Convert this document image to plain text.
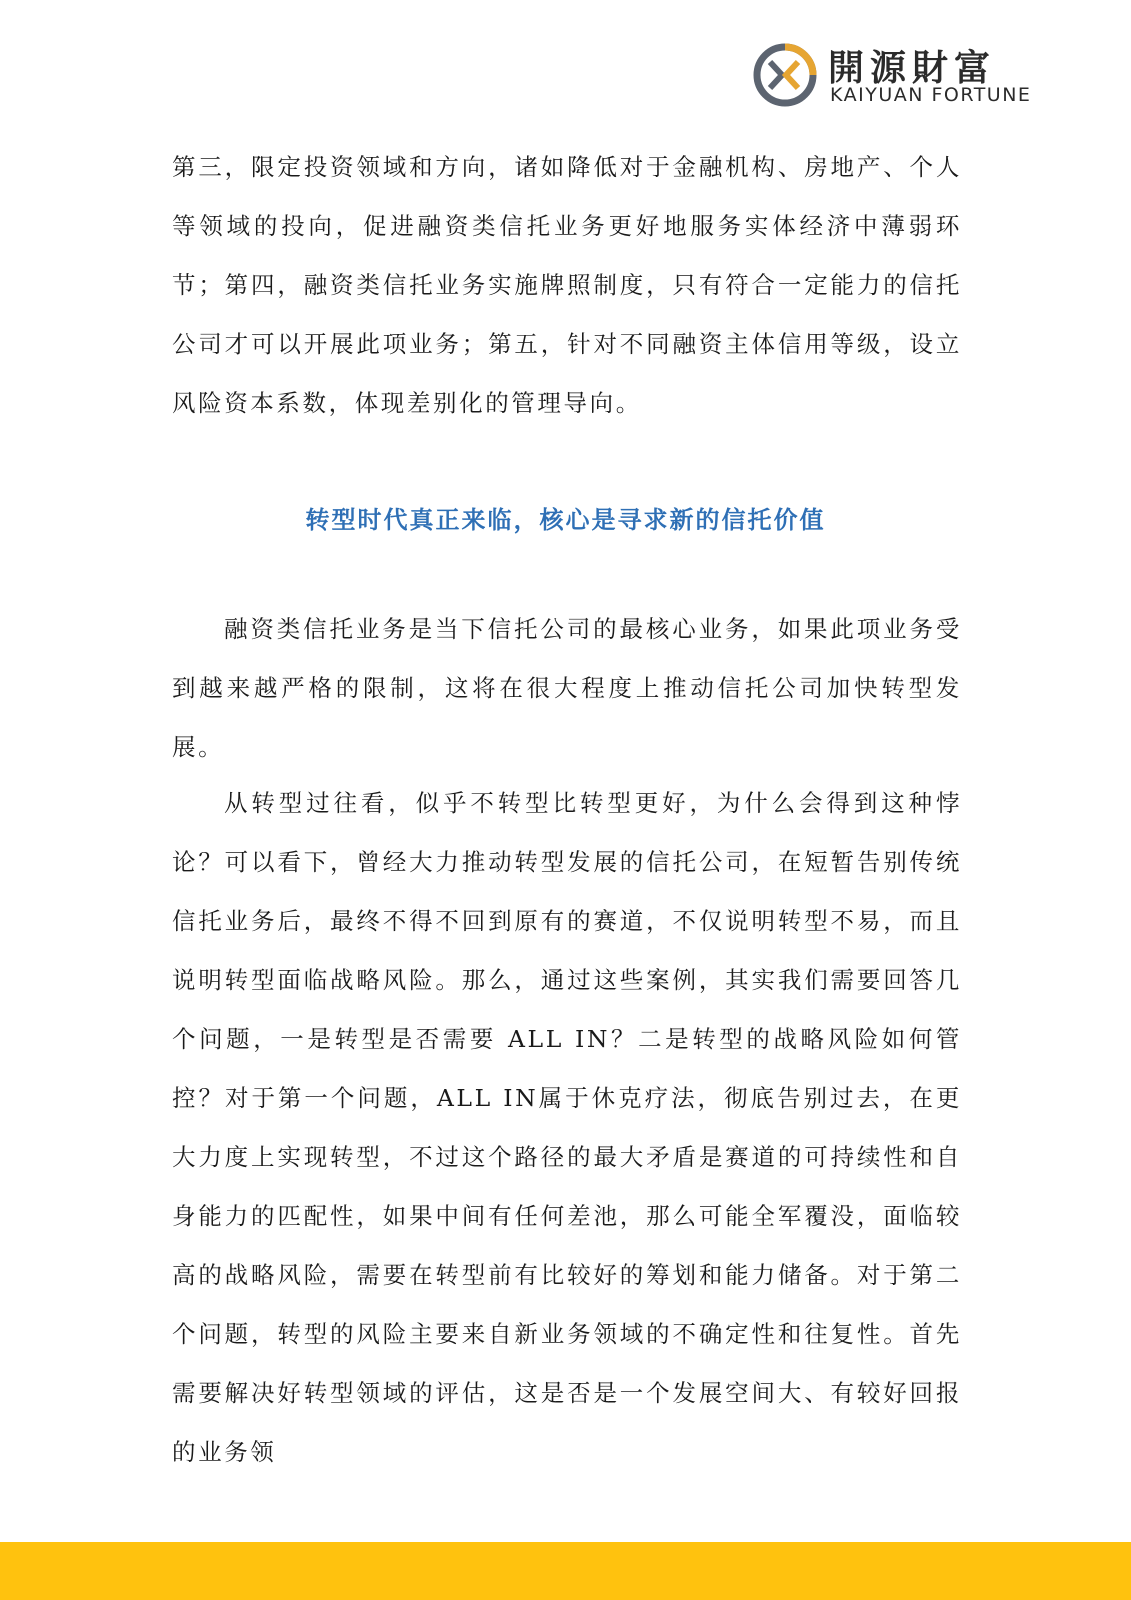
開源財富
KAIYUAN FORTUNE

第三，限定投资领域和方向，诸如降低对于金融机构、房地产、个人等领域的投向，促进融资类信托业务更好地服务实体经济中薄弱环节；第四，融资类信托业务实施牌照制度，只有符合一定能力的信托公司才可以开展此项业务；第五，针对不同融资主体信用等级，设立风险资本系数，体现差别化的管理导向。

转型时代真正来临，核心是寻求新的信托价值

融资类信托业务是当下信托公司的最核心业务，如果此项业务受到越来越严格的限制，这将在很大程度上推动信托公司加快转型发展。

从转型过往看，似乎不转型比转型更好，为什么会得到这种悖论？可以看下，曾经大力推动转型发展的信托公司，在短暂告别传统信托业务后，最终不得不回到原有的赛道，不仅说明转型不易，而且说明转型面临战略风险。那么，通过这些案例，其实我们需要回答几个问题，一是转型是否需要 ALL IN？二是转型的战略风险如何管控？对于第一个问题，ALL IN属于休克疗法，彻底告别过去，在更大力度上实现转型，不过这个路径的最大矛盾是赛道的可持续性和自身能力的匹配性，如果中间有任何差池，那么可能全军覆没，面临较高的战略风险，需要在转型前有比较好的筹划和能力储备。对于第二个问题，转型的风险主要来自新业务领域的不确定性和往复性。首先需要解决好转型领域的评估，这是否是一个发展空间大、有较好回报的业务领
